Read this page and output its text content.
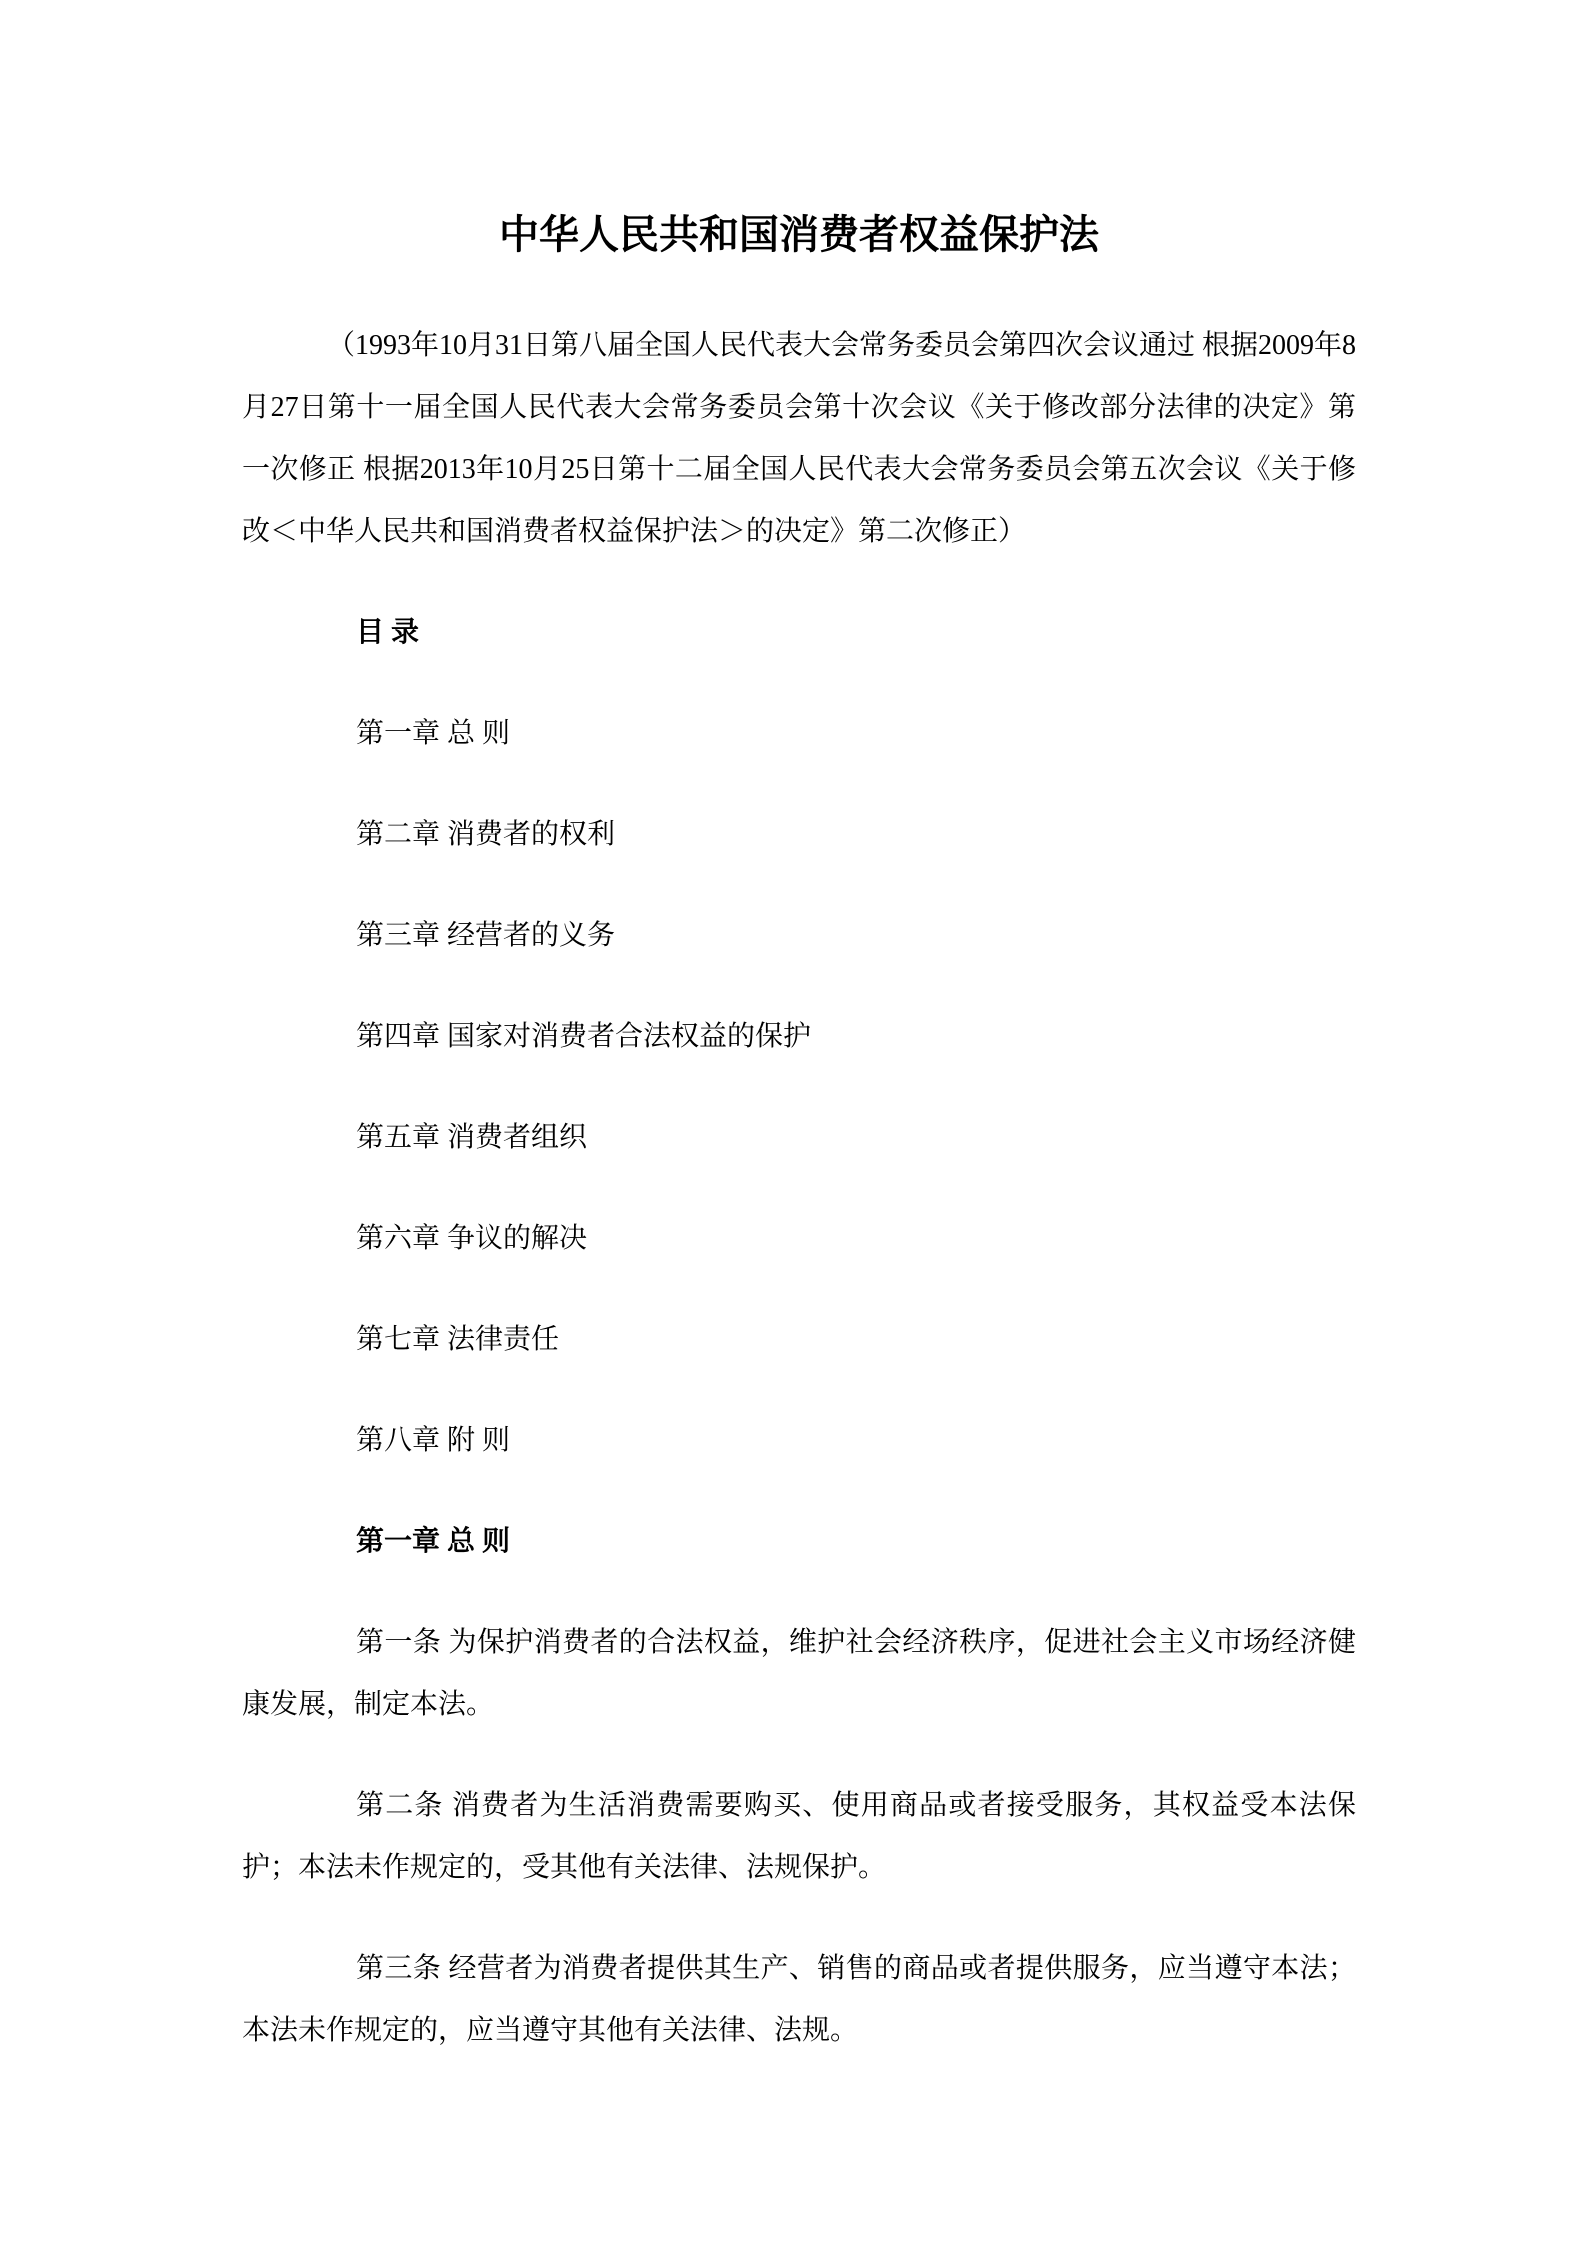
中华人民共和国消费者权益保护法

（1993年10月31日第八届全国人民代表大会常务委员会第四次会议通过 根据2009年8月27日第十一届全国人民代表大会常务委员会第十次会议《关于修改部分法律的决定》第一次修正 根据2013年10月25日第十二届全国人民代表大会常务委员会第五次会议《关于修改＜中华人民共和国消费者权益保护法＞的决定》第二次修正）

目 录

第一章 总 则

第二章 消费者的权利

第三章 经营者的义务

第四章 国家对消费者合法权益的保护

第五章 消费者组织

第六章 争议的解决

第七章 法律责任

第八章 附 则

第一章 总 则

第一条 为保护消费者的合法权益，维护社会经济秩序，促进社会主义市场经济健康发展，制定本法。

第二条 消费者为生活消费需要购买、使用商品或者接受服务，其权益受本法保护；本法未作规定的，受其他有关法律、法规保护。

第三条 经营者为消费者提供其生产、销售的商品或者提供服务，应当遵守本法；本法未作规定的，应当遵守其他有关法律、法规。
